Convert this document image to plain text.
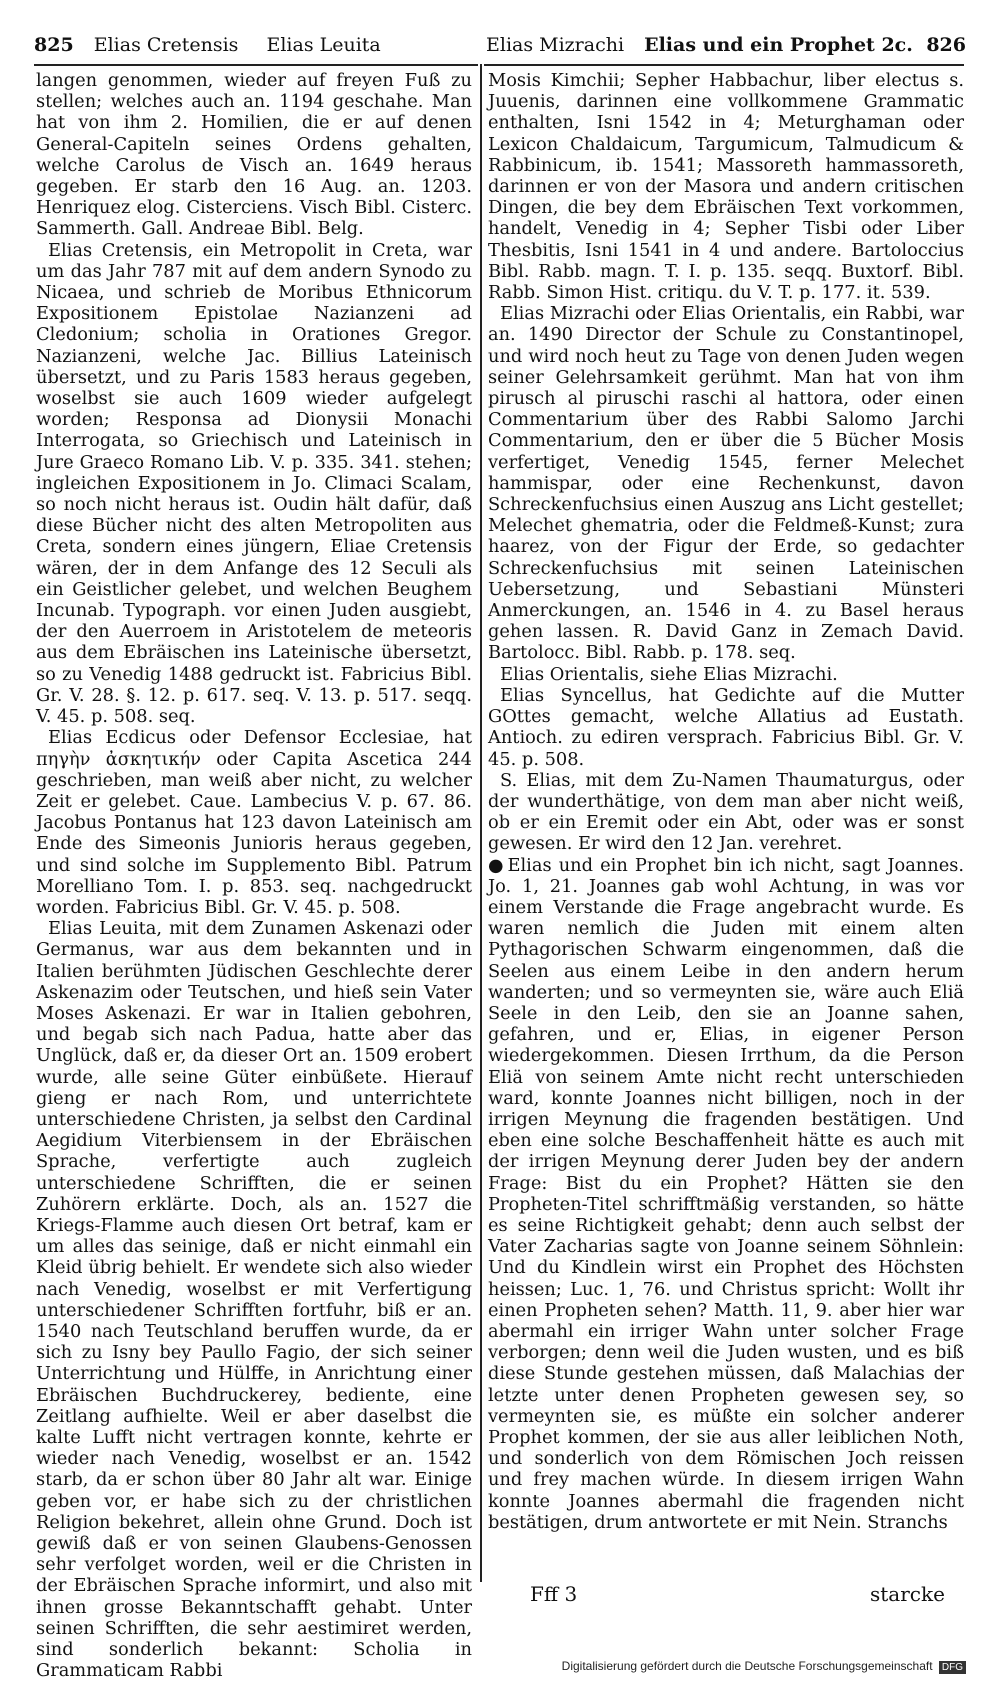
825 Elias Cretensis Elias Leuita	Elias Mizrachi Elias und ein Prophet 2c. 826

langen genommen, wieder auf freyen Fuß zu stellen; welches auch an. 1194 geschahe. Man hat von ihm 2. Homilien, die er auf denen General-Capiteln seines Ordens gehalten, welche Carolus de Visch an. 1649 heraus gegeben. Er starb den 16 Aug. an. 1203. Henriquez elog. Cisterciens. Visch Bibl. Cisterc. Sammerth. Gall. Andreae Bibl. Belg.

Elias Cretensis, ein Metropolit in Creta, war um das Jahr 787 mit auf dem andern Synodo zu Nicaea, und schrieb de Moribus Ethnicorum Expositionem Epistolae Nazianzeni ad Cledonium; scholia in Orationes Gregor. Nazianzeni, welche Jac. Billius Lateinisch übersetzt, und zu Paris 1583 heraus gegeben, woselbst sie auch 1609 wieder aufgelegt worden; Responsa ad Dionysii Monachi Interrogata, so Griechisch und Lateinisch in Jure Graeco Romano Lib. V. p. 335. 341. stehen; ingleichen Expositionem in Jo. Climaci Scalam, so noch nicht heraus ist. Oudin hält dafür, daß diese Bücher nicht des alten Metropoliten aus Creta, sondern eines jüngern, Eliae Cretensis wären, der in dem Anfange des 12 Seculi als ein Geistlicher gelebet, und welchen Beughem Incunab. Typograph. vor einen Juden ausgiebt, der den Auerroem in Aristotelem de meteoris aus dem Ebräischen ins Lateinische übersetzt, so zu Venedig 1488 gedruckt ist. Fabricius Bibl. Gr. V. 28. §. 12. p. 617. seq. V. 13. p. 517. seqq. V. 45. p. 508. seq.

Elias Ecdicus oder Defensor Ecclesiae, hat πηγὴν ἀσκητικήν oder Capita Ascetica 244 geschrieben, man weiß aber nicht, zu welcher Zeit er gelebet. Caue. Lambecius V. p. 67. 86. Jacobus Pontanus hat 123 davon Lateinisch am Ende des Simeonis Junioris heraus gegeben, und sind solche im Supplemento Bibl. Patrum Morelliano Tom. I. p. 853. seq. nachgedruckt worden. Fabricius Bibl. Gr. V. 45. p. 508.

Elias Leuita, mit dem Zunamen Askenazi oder Germanus, war aus dem bekannten und in Italien berühmten Jüdischen Geschlechte derer Askenazim oder Teutschen, und hieß sein Vater Moses Askenazi. Er war in Italien gebohren, und begab sich nach Padua, hatte aber das Unglück, daß er, da dieser Ort an. 1509 erobert wurde, alle seine Güter einbüßete. Hierauf gieng er nach Rom, und unterrichtete unterschiedene Christen, ja selbst den Cardinal Aegidium Viterbiensem in der Ebräischen Sprache, verfertigte auch zugleich unterschiedene Schrifften, die er seinen Zuhörern erklärte. Doch, als an. 1527 die Kriegs-Flamme auch diesen Ort betraf, kam er um alles das seinige, daß er nicht einmahl ein Kleid übrig behielt. Er wendete sich also wieder nach Venedig, woselbst er mit Verfertigung unterschiedener Schrifften fortfuhr, biß er an. 1540 nach Teutschland beruffen wurde, da er sich zu Isny bey Paullo Fagio, der sich seiner Unterrichtung und Hülffe, in Anrichtung einer Ebräischen Buchdruckerey, bediente, eine Zeitlang aufhielte. Weil er aber daselbst die kalte Lufft nicht vertragen konnte, kehrte er wieder nach Venedig, woselbst er an. 1542 starb, da er schon über 80 Jahr alt war. Einige geben vor, er habe sich zu der christlichen Religion bekehret, allein ohne Grund. Doch ist gewiß daß er von seinen Glaubens-Genossen sehr verfolget worden, weil er die Christen in der Ebräischen Sprache informirt, und also mit ihnen grosse Bekanntschafft gehabt. Unter seinen Schrifften, die sehr aestimiret werden, sind sonderlich bekannt: Scholia in Grammaticam Rabbi

Mosis Kimchii; Sepher Habbachur, liber electus s. Juuenis, darinnen eine vollkommene Grammatic enthalten, Isni 1542 in 4; Meturghaman oder Lexicon Chaldaicum, Targumicum, Talmudicum & Rabbinicum, ib. 1541; Massoreth hammassoreth, darinnen er von der Masora und andern critischen Dingen, die bey dem Ebräischen Text vorkommen, handelt, Venedig in 4; Sepher Tisbi oder Liber Thesbitis, Isni 1541 in 4 und andere. Bartoloccius Bibl. Rabb. magn. T. I. p. 135. seqq. Buxtorf. Bibl. Rabb. Simon Hist. critiqu. du V. T. p. 177. it. 539.

Elias Mizrachi oder Elias Orientalis, ein Rabbi, war an. 1490 Director der Schule zu Constantinopel, und wird noch heut zu Tage von denen Juden wegen seiner Gelehrsamkeit gerühmt. Man hat von ihm pirusch al piruschi raschi al hattora, oder einen Commentarium über des Rabbi Salomo Jarchi Commentarium, den er über die 5 Bücher Mosis verfertiget, Venedig 1545, ferner Melechet hammispar, oder eine Rechenkunst, davon Schreckenfuchsius einen Auszug ans Licht gestellet; Melechet ghematria, oder die Feldmeß-Kunst; zura haarez, von der Figur der Erde, so gedachter Schreckenfuchsius mit seinen Lateinischen Uebersetzung, und Sebastiani Münsteri Anmerckungen, an. 1546 in 4. zu Basel heraus gehen lassen. R. David Ganz in Zemach David. Bartolocc. Bibl. Rabb. p. 178. seq.

Elias Orientalis, siehe Elias Mizrachi.

Elias Syncellus, hat Gedichte auf die Mutter GOttes gemacht, welche Allatius ad Eustath. Antioch. zu ediren versprach. Fabricius Bibl. Gr. V. 45. p. 508.

S. Elias, mit dem Zu-Namen Thaumaturgus, oder der wunderthätige, von dem man aber nicht weiß, ob er ein Eremit oder ein Abt, oder was er sonst gewesen. Er wird den 12 Jan. verehret.

● Elias und ein Prophet bin ich nicht, sagt Joannes. Jo. 1, 21. Joannes gab wohl Achtung, in was vor einem Verstande die Frage angebracht wurde. Es waren nemlich die Juden mit einem alten Pythagorischen Schwarm eingenommen, daß die Seelen aus einem Leibe in den andern herum wanderten; und so vermeynten sie, wäre auch Eliä Seele in den Leib, den sie an Joanne sahen, gefahren, und er, Elias, in eigener Person wiedergekommen. Diesen Irrthum, da die Person Eliä von seinem Amte nicht recht unterschieden ward, konnte Joannes nicht billigen, noch in der irrigen Meynung die fragenden bestätigen. Und eben eine solche Beschaffenheit hätte es auch mit der irrigen Meynung derer Juden bey der andern Frage: Bist du ein Prophet? Hätten sie den Propheten-Titel schrifftmäßig verstanden, so hätte es seine Richtigkeit gehabt; denn auch selbst der Vater Zacharias sagte von Joanne seinem Söhnlein: Und du Kindlein wirst ein Prophet des Höchsten heissen; Luc. 1, 76. und Christus spricht: Wollt ihr einen Propheten sehen? Matth. 11, 9. aber hier war abermahl ein irriger Wahn unter solcher Frage verborgen; denn weil die Juden wusten, und es biß diese Stunde gestehen müssen, daß Malachias der letzte unter denen Propheten gewesen sey, so vermeynten sie, es müßte ein solcher anderer Prophet kommen, der sie aus aller leiblichen Noth, und sonderlich von dem Römischen Joch reissen und frey machen würde. In diesem irrigen Wahn konnte Joannes abermahl die fragenden nicht bestätigen, drum antwortete er mit Nein. Stranchs

Fff 3	starcke
Digitalisierung gefördert durch die Deutsche Forschungsgemeinschaft DFG
